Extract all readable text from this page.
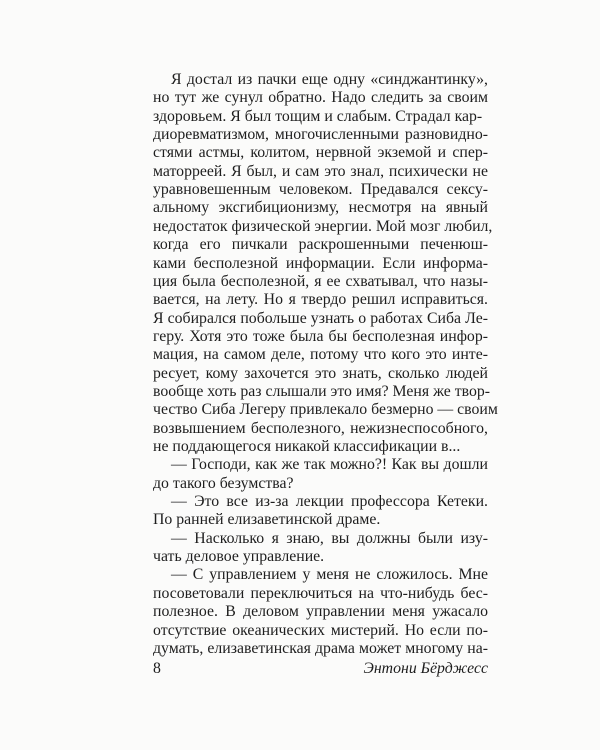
Я достал из пачки еще одну «синджантинку»,
но тут же сунул обратно. Надо следить за своим
здоровьем. Я был тощим и слабым. Страдал кар-
диоревматизмом, многочисленными разновидно-
стями астмы, колитом, нервной экземой и спер-
маторреей. Я был, и сам это знал, психически не
уравновешенным человеком. Предавался сексу-
альному эксгибиционизму, несмотря на явный
недостаток физической энергии. Мой мозг любил,
когда его пичкали раскрошенными печенюш-
ками бесполезной информации. Если информа-
ция была бесполезной, я ее схватывал, что назы-
вается, на лету. Но я твердо решил исправиться.
Я собирался побольше узнать о работах Сиба Ле-
геру. Хотя это тоже была бы бесполезная инфор-
мация, на самом деле, потому что кого это инте-
ресует, кому захочется это знать, сколько людей
вообще хоть раз слышали это имя? Меня же твор-
чество Сиба Легеру привлекало безмерно — своим
возвышением бесполезного, нежизнеспособного,
не поддающегося никакой классификации в...
— Господи, как же так можно?! Как вы дошли
до такого безумства?
— Это все из-за лекции профессора Кетеки.
По ранней елизаветинской драме.
— Насколько я знаю, вы должны были изу-
чать деловое управление.
— С управлением у меня не сложилось. Мне
посоветовали переключиться на что-нибудь бес-
полезное. В деловом управлении меня ужасало
отсутствие океанических мистерий. Но если по-
думать, елизаветинская драма может многому на-
8	Энтони Бёрджесс
